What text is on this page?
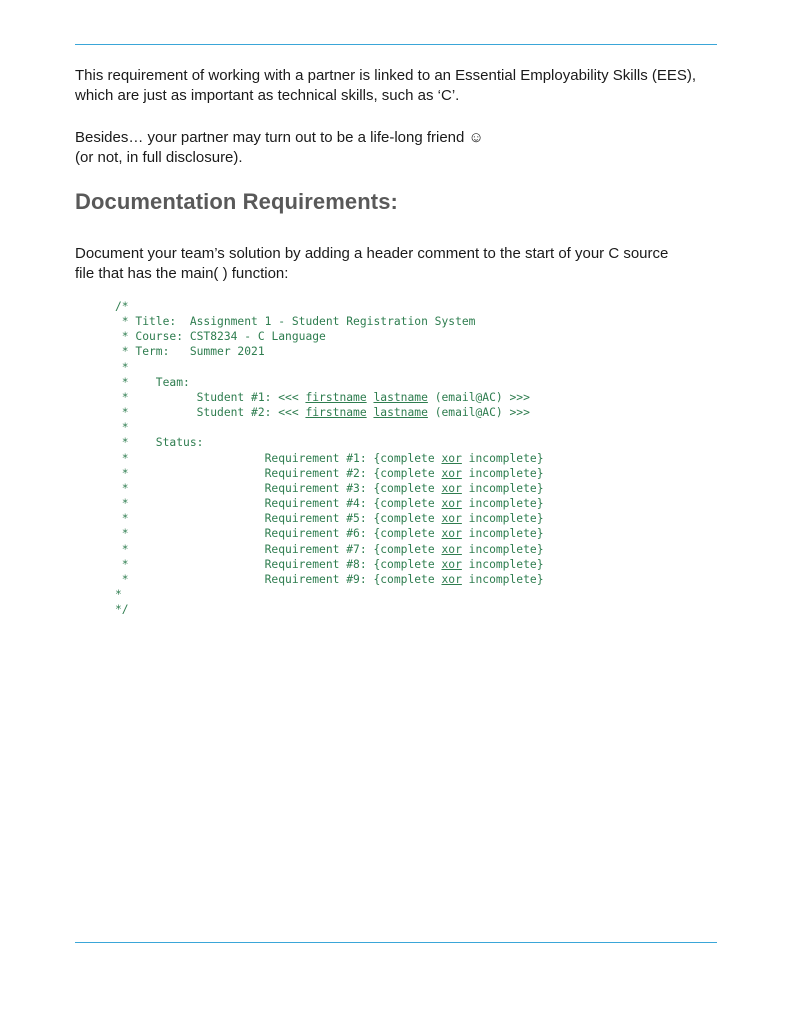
This requirement of working with a partner is linked to an Essential Employability Skills (EES),
which are just as important as technical skills, such as ‘C’.

Besides… your partner may turn out to be a life-long friend ☺
(or not, in full disclosure).

Documentation Requirements:

Document your team’s solution by adding a header comment to the start of your C source
file that has the main( ) function:

/*
* Title:  Assignment 1 - Student Registration System
* Course: CST8234 - C Language
* Term:   Summer 2021
*
*    Team:
*          Student #1: <<< firstname lastname (email@AC) >>>
*          Student #2: <<< firstname lastname (email@AC) >>>
*
*    Status:
*                    Requirement #1: {complete xor incomplete}
*                    Requirement #2: {complete xor incomplete}
*                    Requirement #3: {complete xor incomplete}
*                    Requirement #4: {complete xor incomplete}
*                    Requirement #5: {complete xor incomplete}
*                    Requirement #6: {complete xor incomplete}
*                    Requirement #7: {complete xor incomplete}
*                    Requirement #8: {complete xor incomplete}
*                    Requirement #9: {complete xor incomplete}
*
*/
